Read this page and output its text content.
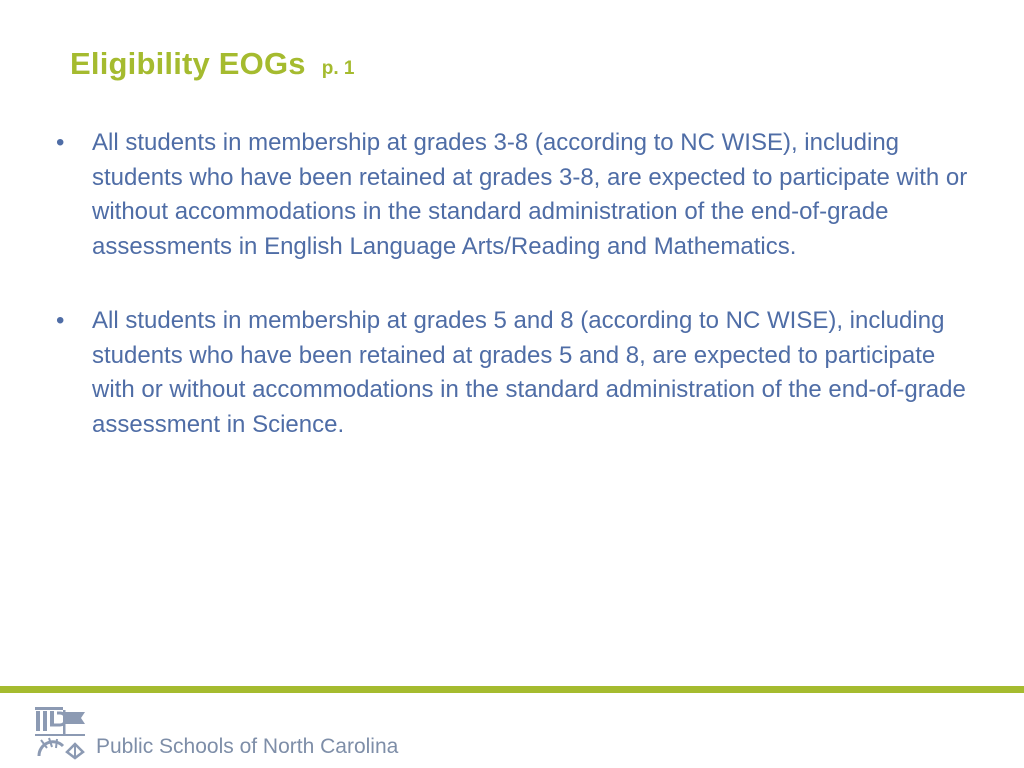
Eligibility EOGs p. 1
•	All students in membership at grades 3-8 (according to NC WISE), including students who have been retained at grades 3-8, are expected to participate with or without accommodations in the standard administration of the end-of-grade assessments in English Language Arts/Reading and Mathematics.
•	All students in membership at grades 5 and 8 (according to NC WISE), including students who have been retained at grades 5 and 8, are expected to participate with or without accommodations in the standard administration of the end-of-grade assessment in Science.
Public Schools of North Carolina
